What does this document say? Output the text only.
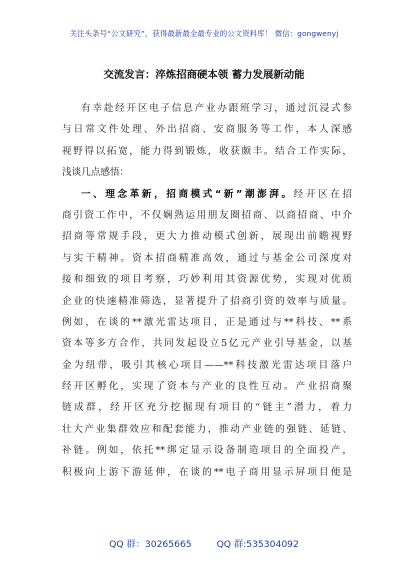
关注头条号“公文研究”，获得最新最全最专业的公文资料库！ 微信：gongwenyj
交流发言：淬炼招商硬本领 蓄力发展新动能
有幸赴经开区电子信息产业办跟班学习，通过沉浸式参
与日常文件处理、外出招商、安商服务等工作，本人深感
视野得以拓宽，能力得到锻炼，收获颇丰。结合工作实际，
浅谈几点感悟：
一、理念革新，招商模式“新”潮澎湃。经开区在招
商引资工作中，不仅娴熟运用朋友圈招商、以商招商、中介
招商等常规手段，更大力推动模式创新，展现出前瞻视野
与实干精神。资本招商精准高效，通过与基金公司深度对
接和细致的项目考察，巧妙利用其资源优势，实现对优质
企业的快速精准筛选，显著提升了招商引资的效率与质量。
例如，在谈的**激光雷达项目，正是通过与**科技、**系
资本等多方合作，共同发起设立5亿元产业引导基金，以基
金为纽带，吸引其核心项目——**科技激光雷达项目落户
经开区孵化，实现了资本与产业的良性互动。产业招商聚
链成群，经开区充分挖掘现有项目的“链主”潜力，着力
壮大产业集群效应和配套能力，推动产业链的强链、延链、
补链。例如，依托**绑定显示设备制造项目的全面投产，
积极向上游下游延伸，在谈的**电子商用显示屏项目便是
QQ 群：30265665	QQ 群:535304092
